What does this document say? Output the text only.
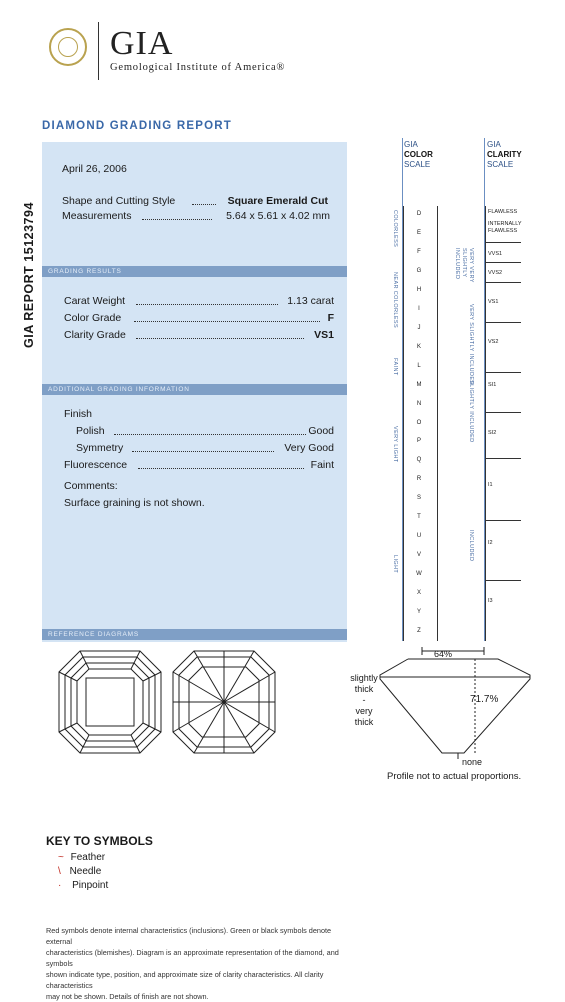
GIA
Gemological Institute of America®
DIAMOND GRADING REPORT
GIA REPORT 15123794
April 26, 2006
Shape and Cutting Style	Square Emerald Cut
Measurements	5.64 x 5.61 x 4.02 mm
GRADING RESULTS
Carat Weight	1.13 carat
Color Grade	F
Clarity Grade	VS1
ADDITIONAL GRADING INFORMATION
Finish
Polish	Good
Symmetry	Very Good
Fluorescence	Faint
Comments:
Surface graining is not shown.
REFERENCE DIAGRAMS
GIA
COLOR
SCALE
D
E
F
G
H
I
J
K
L
M
N
O
P
Q
R
S
T
U
V
W
X
Y
Z
COLORLESS
NEAR COLORLESS
FAINT
VERY LIGHT
LIGHT
GIA
CLARITY
SCALE
FLAWLESS
INTERNALLY FLAWLESS
VVS1
VVS2
VS1
VS2
SI1
SI2
I1
I2
I3
VERY VERY SLIGHTLY INCLUDED
VERY SLIGHTLY INCLUDED
SLIGHTLY INCLUDED
INCLUDED
64%
71.7%
slightly
thick
-
very
thick
none
Profile not to actual proportions.
KEY TO SYMBOLS
~ Feather
\ Needle
· Pinpoint
Red symbols denote internal characteristics (inclusions). Green or black symbols denote external
characteristics (blemishes). Diagram is an approximate representation of the diamond, and symbols
shown indicate type, position, and approximate size of clarity characteristics. All clarity characteristics
may not be shown. Details of finish are not shown.
